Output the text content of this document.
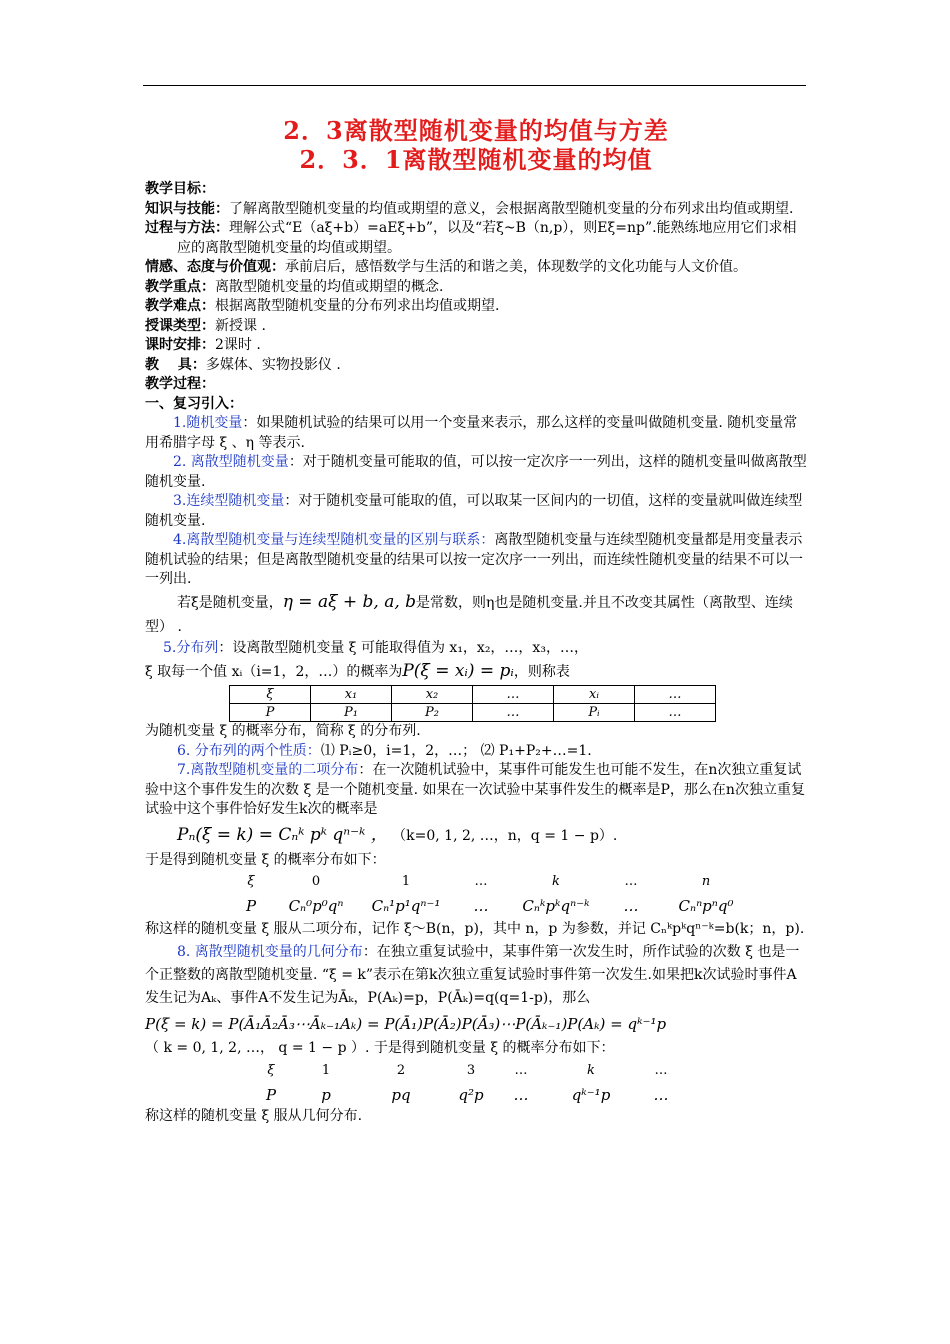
2．3离散型随机变量的均值与方差
2．3．1离散型随机变量的均值

教学目标：

知识与技能：了解离散型随机变量的均值或期望的意义，会根据离散型随机变量的分布列求出均值或期望.

过程与方法：理解公式“E（aξ+b）=aEξ+b”，以及“若ξ~B（n,p），则Eξ=np”.能熟练地应用它们求相应的离散型随机变量的均值或期望。

情感、态度与价值观：承前启后，感悟数学与生活的和谐之美，体现数学的文化功能与人文价值。

教学重点：离散型随机变量的均值或期望的概念.

教学难点：根据离散型随机变量的分布列求出均值或期望.

授课类型：新授课 .

课时安排：2课时 .

教　 具：多媒体、实物投影仪 .

教学过程：

一、复习引入：

1.随机变量：如果随机试验的结果可以用一个变量来表示，那么这样的变量叫做随机变量. 随机变量常用希腊字母 ξ 、η 等表示.

2. 离散型随机变量：对于随机变量可能取的值，可以按一定次序一一列出，这样的随机变量叫做离散型随机变量.

3.连续型随机变量：对于随机变量可能取的值，可以取某一区间内的一切值，这样的变量就叫做连续型随机变量.

4.离散型随机变量与连续型随机变量的区别与联系：离散型随机变量与连续型随机变量都是用变量表示随机试验的结果；但是离散型随机变量的结果可以按一定次序一一列出，而连续性随机变量的结果不可以一一列出.

若ξ是随机变量，η = aξ + b, a, b是常数，则η也是随机变量.并且不改变其属性（离散型、连续型） .

5.分布列：设离散型随机变量 ξ 可能取得值为 x₁，x₂，…，x₃，…，

ξ 取每一个值 xᵢ（i=1，2，…）的概率为P(ξ = xᵢ) = pᵢ，则称表

ξ	x₁	x₂	…	xᵢ	…
P	P₁	P₂	…	Pᵢ	…

为随机变量 ξ 的概率分布，简称 ξ 的分布列.

6. 分布列的两个性质：⑴ Pᵢ≥0，i=1，2，…； ⑵ P₁+P₂+…=1.

7.离散型随机变量的二项分布：在一次随机试验中，某事件可能发生也可能不发生，在n次独立重复试验中这个事件发生的次数 ξ 是一个随机变量. 如果在一次试验中某事件发生的概率是P，那么在n次独立重复试验中这个事件恰好发生k次的概率是

Pₙ(ξ = k) = Cₙᵏ pᵏ qⁿ⁻ᵏ ， （k=0, 1, 2, …，n，q = 1 − p）.

于是得到随机变量 ξ 的概率分布如下：

ξ	0	1	…	k	…	n
P	Cₙ⁰p⁰qⁿ	Cₙ¹p¹qⁿ⁻¹	…	Cₙᵏpᵏqⁿ⁻ᵏ	…	Cₙⁿpⁿq⁰

称这样的随机变量 ξ 服从二项分布，记作 ξ～B(n，p)，其中 n，p 为参数，并记 Cₙᵏpᵏqⁿ⁻ᵏ=b(k；n，p).

8. 离散型随机变量的几何分布：在独立重复试验中，某事件第一次发生时，所作试验的次数 ξ 也是一个正整数的离散型随机变量. “ξ = k”表示在第k次独立重复试验时事件第一次发生.如果把k次试验时事件A发生记为Aₖ、事件A不发生记为Āₖ，P(Aₖ)=p，P(Āₖ)=q(q=1-p)，那么

P(ξ = k) = P(Ā₁Ā₂Ā₃⋯Āₖ₋₁Aₖ) = P(Ā₁)P(Ā₂)P(Ā₃)⋯P(Āₖ₋₁)P(Aₖ) = qᵏ⁻¹p

（ k = 0, 1, 2, …， q = 1 − p ）. 于是得到随机变量 ξ 的概率分布如下：

ξ	1	2	3	…	k	…
P	p	pq	q²p	…	qᵏ⁻¹p	…

称这样的随机变量 ξ 服从几何分布.
